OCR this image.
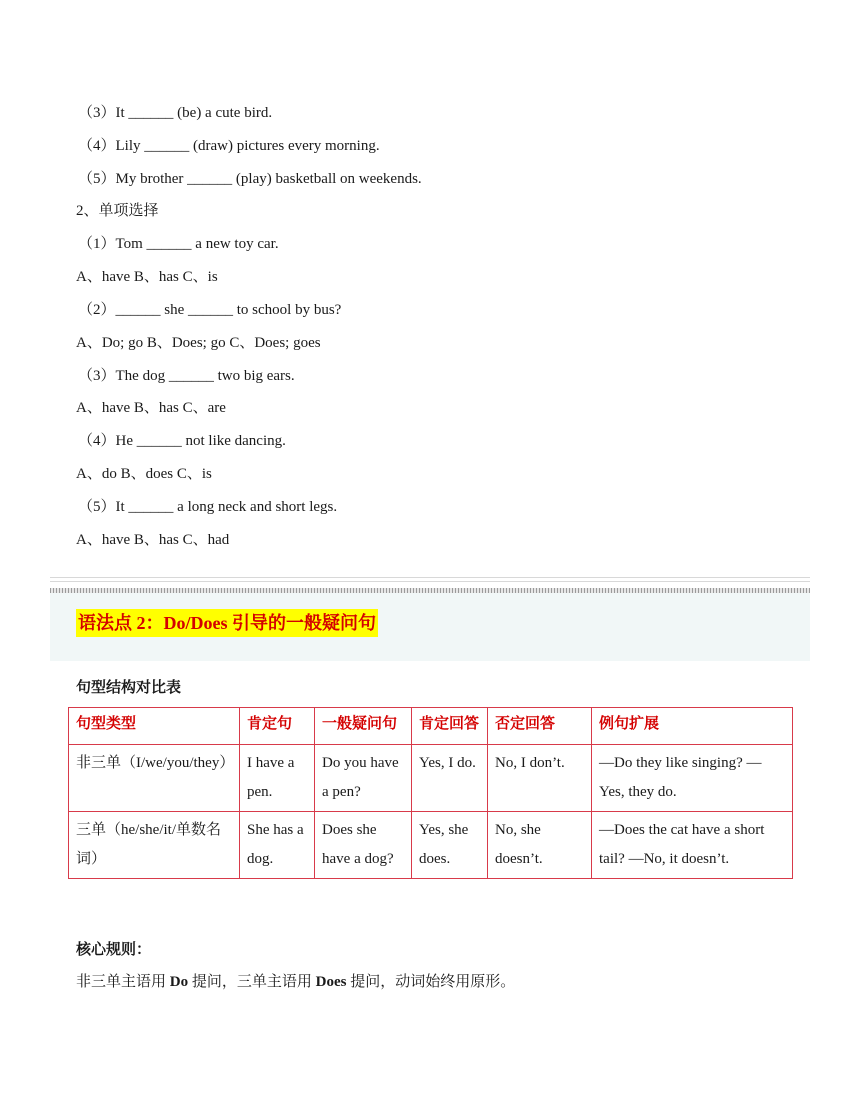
（3）It ______ (be) a cute bird.
（4）Lily ______ (draw) pictures every morning.
（5）My brother ______ (play) basketball on weekends.
2、单项选择
（1）Tom ______ a new toy car.
A、have B、has C、is
（2）______ she ______ to school by bus?
A、Do; go B、Does; go C、Does; goes
（3）The dog ______ two big ears.
A、have B、has C、are
（4）He ______ not like dancing.
A、do B、does C、is
（5）It ______ a long neck and short legs.
A、have B、has C、had
语法点 2：Do/Does 引导的一般疑问句
句型结构对比表
句型类型	肯定句	一般疑问句	肯定回答	否定回答	例句扩展
非三单（I/we/you/they）	I have a pen.	Do you have a pen?	Yes, I do.	No, I don’t.	—Do they like singing? —Yes, they do.
三单（he/she/it/单数名词）	She has a dog.	Does she have a dog?	Yes, she does.	No, she doesn’t.	—Does the cat have a short tail? —No, it doesn’t.
核心规则：
非三单主语用 Do 提问，三单主语用 Does 提问，动词始终用原形。
